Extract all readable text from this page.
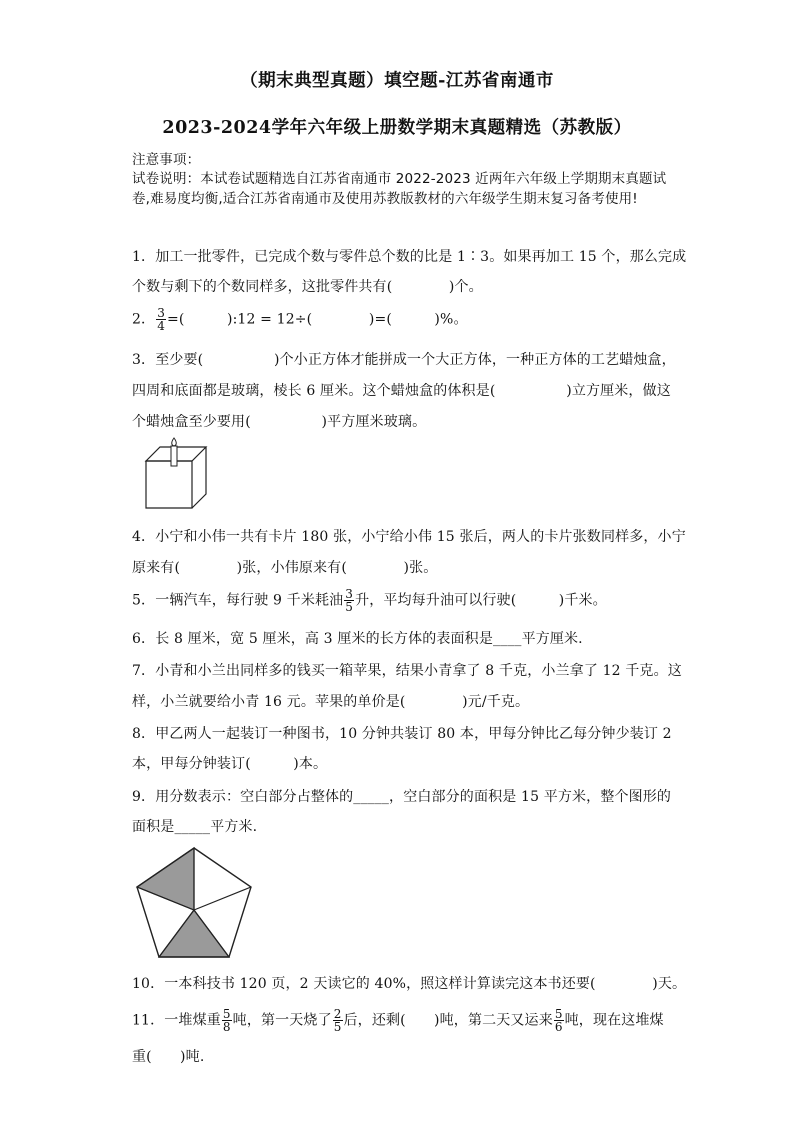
（期末典型真题）填空题-江苏省南通市
2023-2024学年六年级上册数学期末真题精选（苏教版）
注意事项：
试卷说明：本试卷试题精选自江苏省南通市 2022-2023 近两年六年级上学期期末真题试
卷,难易度均衡,适合江苏省南通市及使用苏教版教材的六年级学生期末复习备考使用!
1．加工一批零件，已完成个数与零件总个数的比是 1∶3。如果再加工 15 个，那么完成
个数与剩下的个数同样多，这批零件共有(　　　　)个。
2． $\frac{3}{4}$ =(　　　):12 = 12÷(　　　　)=(　　　)%。
3．至少要(　　　　　)个小正方体才能拼成一个大正方体，一种正方体的工艺蜡烛盒，
四周和底面都是玻璃，棱长 6 厘米。这个蜡烛盒的体积是(　　　　　)立方厘米，做这
个蜡烛盒至少要用(　　　　　)平方厘米玻璃。
4．小宁和小伟一共有卡片 180 张，小宁给小伟 15 张后，两人的卡片张数同样多，小宁
原来有(　　　　)张，小伟原来有(　　　　)张。
5．一辆汽车，每行驶 9 千米耗油 $\frac{3}{5}$ 升，平均每升油可以行驶(　　　)千米。
6．长 8 厘米，宽 5 厘米，高 3 厘米的长方体的表面积是____平方厘米.
7．小青和小兰出同样多的钱买一箱苹果，结果小青拿了 8 千克，小兰拿了 12 千克。这
样，小兰就要给小青 16 元。苹果的单价是(　　　　)元/千克。
8．甲乙两人一起装订一种图书，10 分钟共装订 80 本，甲每分钟比乙每分钟少装订 2
本，甲每分钟装订(　　　)本。
9．用分数表示：空白部分占整体的_____，空白部分的面积是 15 平方米，整个图形的
面积是_____平方米.
10．一本科技书 120 页，2 天读它的 40%，照这样计算读完这本书还要(　　　　)天。
11．一堆煤重 $\frac{5}{8}$ 吨，第一天烧了 $\frac{2}{5}$ 后，还剩(　　)吨，第二天又运来 $\frac{5}{6}$ 吨，现在这堆煤
重(　　)吨.
